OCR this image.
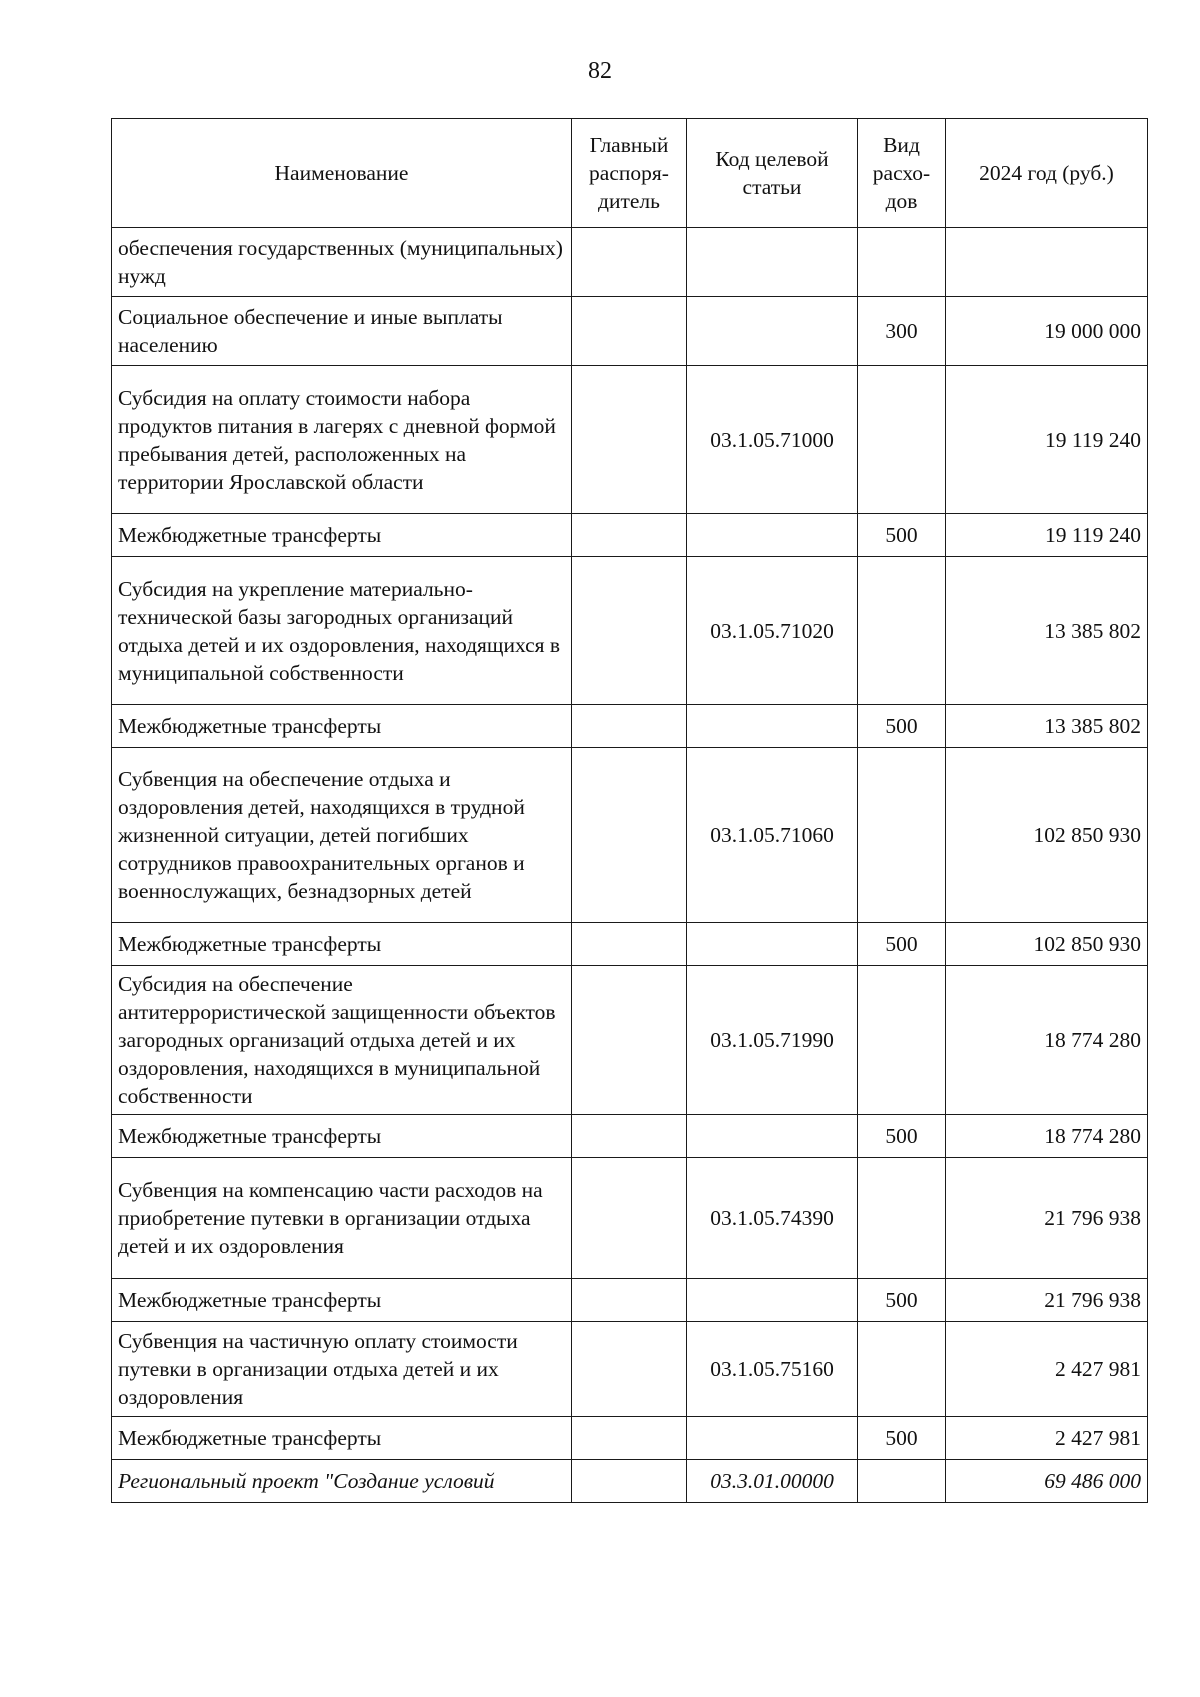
82
Наименование	Главный распоря-дитель	Код целевой статьи	Вид расхо-дов	2024 год (руб.)
обеспечения государственных (муниципальных) нужд				
Социальное обеспечение и иные выплаты населению			300	19 000 000
Субсидия на оплату стоимости набора продуктов питания в лагерях с дневной формой пребывания детей, расположенных на территории Ярославской области		03.1.05.71000		19 119 240
Межбюджетные трансферты			500	19 119 240
Субсидия на укрепление материально-технической базы загородных организаций отдыха детей и их оздоровления, находящихся в муниципальной собственности		03.1.05.71020		13 385 802
Межбюджетные трансферты			500	13 385 802
Субвенция на обеспечение отдыха и оздоровления детей, находящихся в трудной жизненной ситуации, детей погибших сотрудников правоохранительных органов и военнослужащих, безнадзорных детей		03.1.05.71060		102 850 930
Межбюджетные трансферты			500	102 850 930
Субсидия на обеспечение антитеррористической защищенности объектов загородных организаций отдыха детей и их оздоровления, находящихся в муниципальной собственности		03.1.05.71990		18 774 280
Межбюджетные трансферты			500	18 774 280
Субвенция на компенсацию части расходов на приобретение путевки в организации отдыха детей и их оздоровления		03.1.05.74390		21 796 938
Межбюджетные трансферты			500	21 796 938
Субвенция на частичную оплату стоимости путевки в организации отдыха детей и их оздоровления		03.1.05.75160		2 427 981
Межбюджетные трансферты			500	2 427 981
Региональный проект "Создание условий		03.3.01.00000		69 486 000
